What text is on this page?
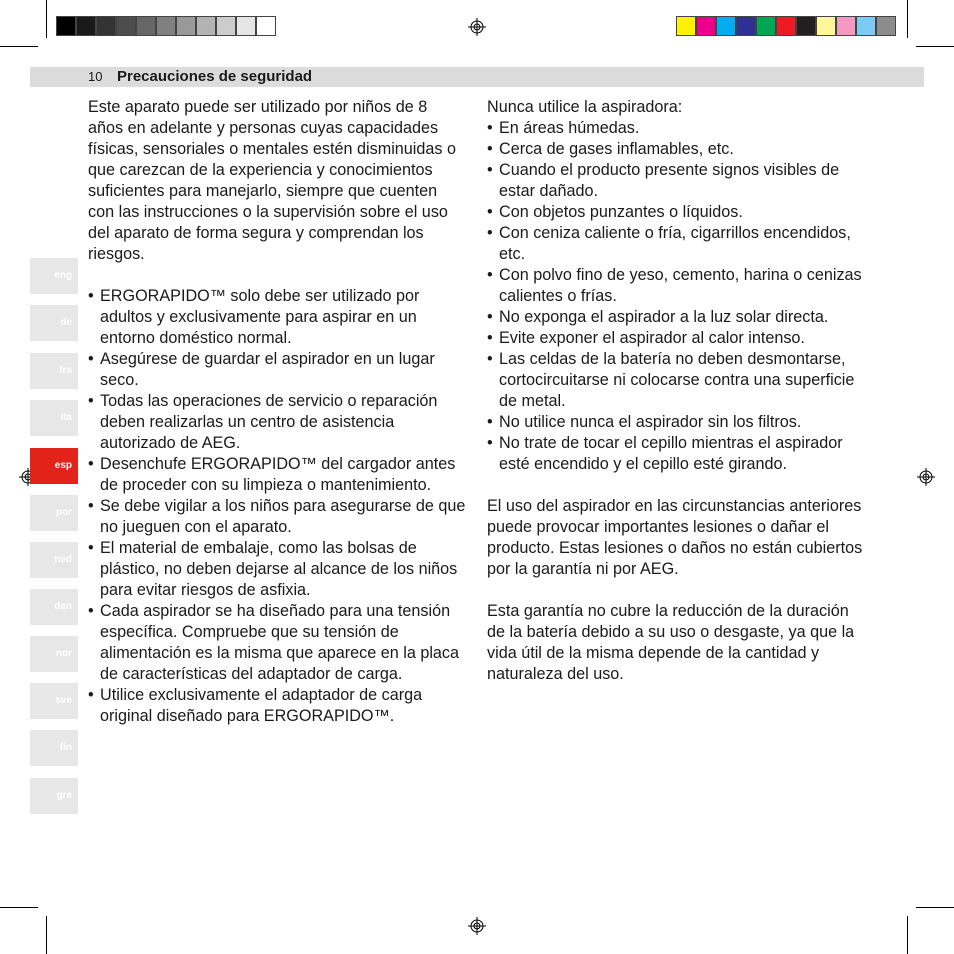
10 Precauciones de seguridad
eng
de
fra
ita
esp
por
ned
dan
nor
sve
fin
gre

Este aparato puede ser utilizado por niños de 8 años en adelante y personas cuyas capacidades físicas, sensoriales o mentales estén disminuidas o que carezcan de la experiencia y conocimientos suficientes para manejarlo, siempre que cuenten con las instrucciones o la supervisión sobre el uso del aparato de forma segura y comprendan los riesgos.

• ERGORAPIDO™ solo debe ser utilizado por adultos y exclusivamente para aspirar en un entorno doméstico normal.
• Asegúrese de guardar el aspirador en un lugar seco.
• Todas las operaciones de servicio o reparación deben realizarlas un centro de asistencia autorizado de AEG.
• Desenchufe ERGORAPIDO™ del cargador antes de proceder con su limpieza o mantenimiento.
• Se debe vigilar a los niños para asegurarse de que no jueguen con el aparato.
• El material de embalaje, como las bolsas de plástico, no deben dejarse al alcance de los niños para evitar riesgos de asfixia.
• Cada aspirador se ha diseñado para una tensión específica. Compruebe que su tensión de alimentación es la misma que aparece en la placa de características del adaptador de carga.
• Utilice exclusivamente el adaptador de carga original diseñado para ERGORAPIDO™.

Nunca utilice la aspiradora:

• En áreas húmedas.
• Cerca de gases inflamables, etc.
• Cuando el producto presente signos visibles de estar dañado.
• Con objetos punzantes o líquidos.
• Con ceniza caliente o fría, cigarrillos encendidos, etc.
• Con polvo fino de yeso, cemento, harina o cenizas calientes o frías.
• No exponga el aspirador a la luz solar directa.
• Evite exponer el aspirador al calor intenso.
• Las celdas de la batería no deben desmontarse, cortocircuitarse ni colocarse contra una superficie de metal.
• No utilice nunca el aspirador sin los filtros.
• No trate de tocar el cepillo mientras el aspirador esté encendido y el cepillo esté girando.

El uso del aspirador en las circunstancias anteriores puede provocar importantes lesiones o dañar el producto. Estas lesiones o daños no están cubiertos por la garantía ni por AEG.

Esta garantía no cubre la reducción de la duración de la batería debido a su uso o desgaste, ya que la vida útil de la misma depende de la cantidad y naturaleza del uso.
